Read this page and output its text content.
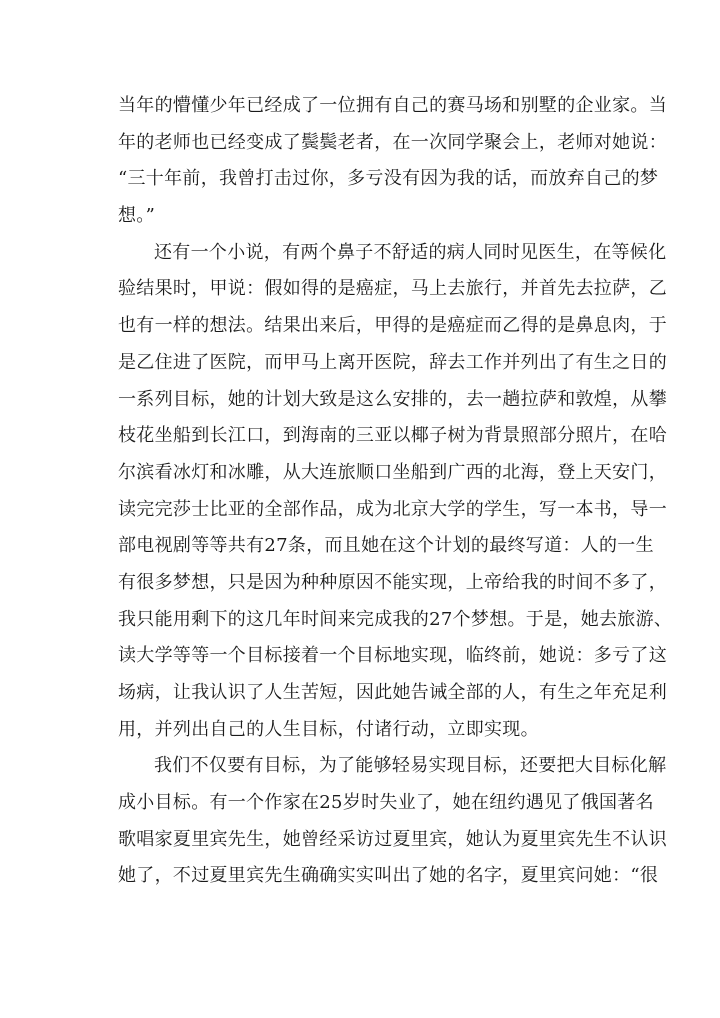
当年的懵懂少年已经成了一位拥有自己的赛马场和别墅的企业家。当
年的老师也已经变成了鬓鬓老者，在一次同学聚会上，老师对她说：
“三十年前，我曾打击过你，多亏没有因为我的话，而放弃自己的梦
想。”
还有一个小说，有两个鼻子不舒适的病人同时见医生，在等候化
验结果时，甲说：假如得的是癌症，马上去旅行，并首先去拉萨，乙
也有一样的想法。结果出来后，甲得的是癌症而乙得的是鼻息肉，于
是乙住进了医院，而甲马上离开医院，辞去工作并列出了有生之日的
一系列目标，她的计划大致是这么安排的，去一趟拉萨和敦煌，从攀
枝花坐船到长江口，到海南的三亚以椰子树为背景照部分照片，在哈
尔滨看冰灯和冰雕，从大连旅顺口坐船到广西的北海，登上天安门，
读完完莎士比亚的全部作品，成为北京大学的学生，写一本书，导一
部电视剧等等共有27条，而且她在这个计划的最终写道：人的一生
有很多梦想，只是因为种种原因不能实现，上帝给我的时间不多了，
我只能用剩下的这几年时间来完成我的27个梦想。于是，她去旅游、
读大学等等一个目标接着一个目标地实现，临终前，她说：多亏了这
场病，让我认识了人生苦短，因此她告诫全部的人，有生之年充足利
用，并列出自己的人生目标，付诸行动，立即实现。
我们不仅要有目标，为了能够轻易实现目标，还要把大目标化解
成小目标。有一个作家在25岁时失业了，她在纽约遇见了俄国著名
歌唱家夏里宾先生，她曾经采访过夏里宾，她认为夏里宾先生不认识
她了，不过夏里宾先生确确实实叫出了她的名字，夏里宾问她：“很
